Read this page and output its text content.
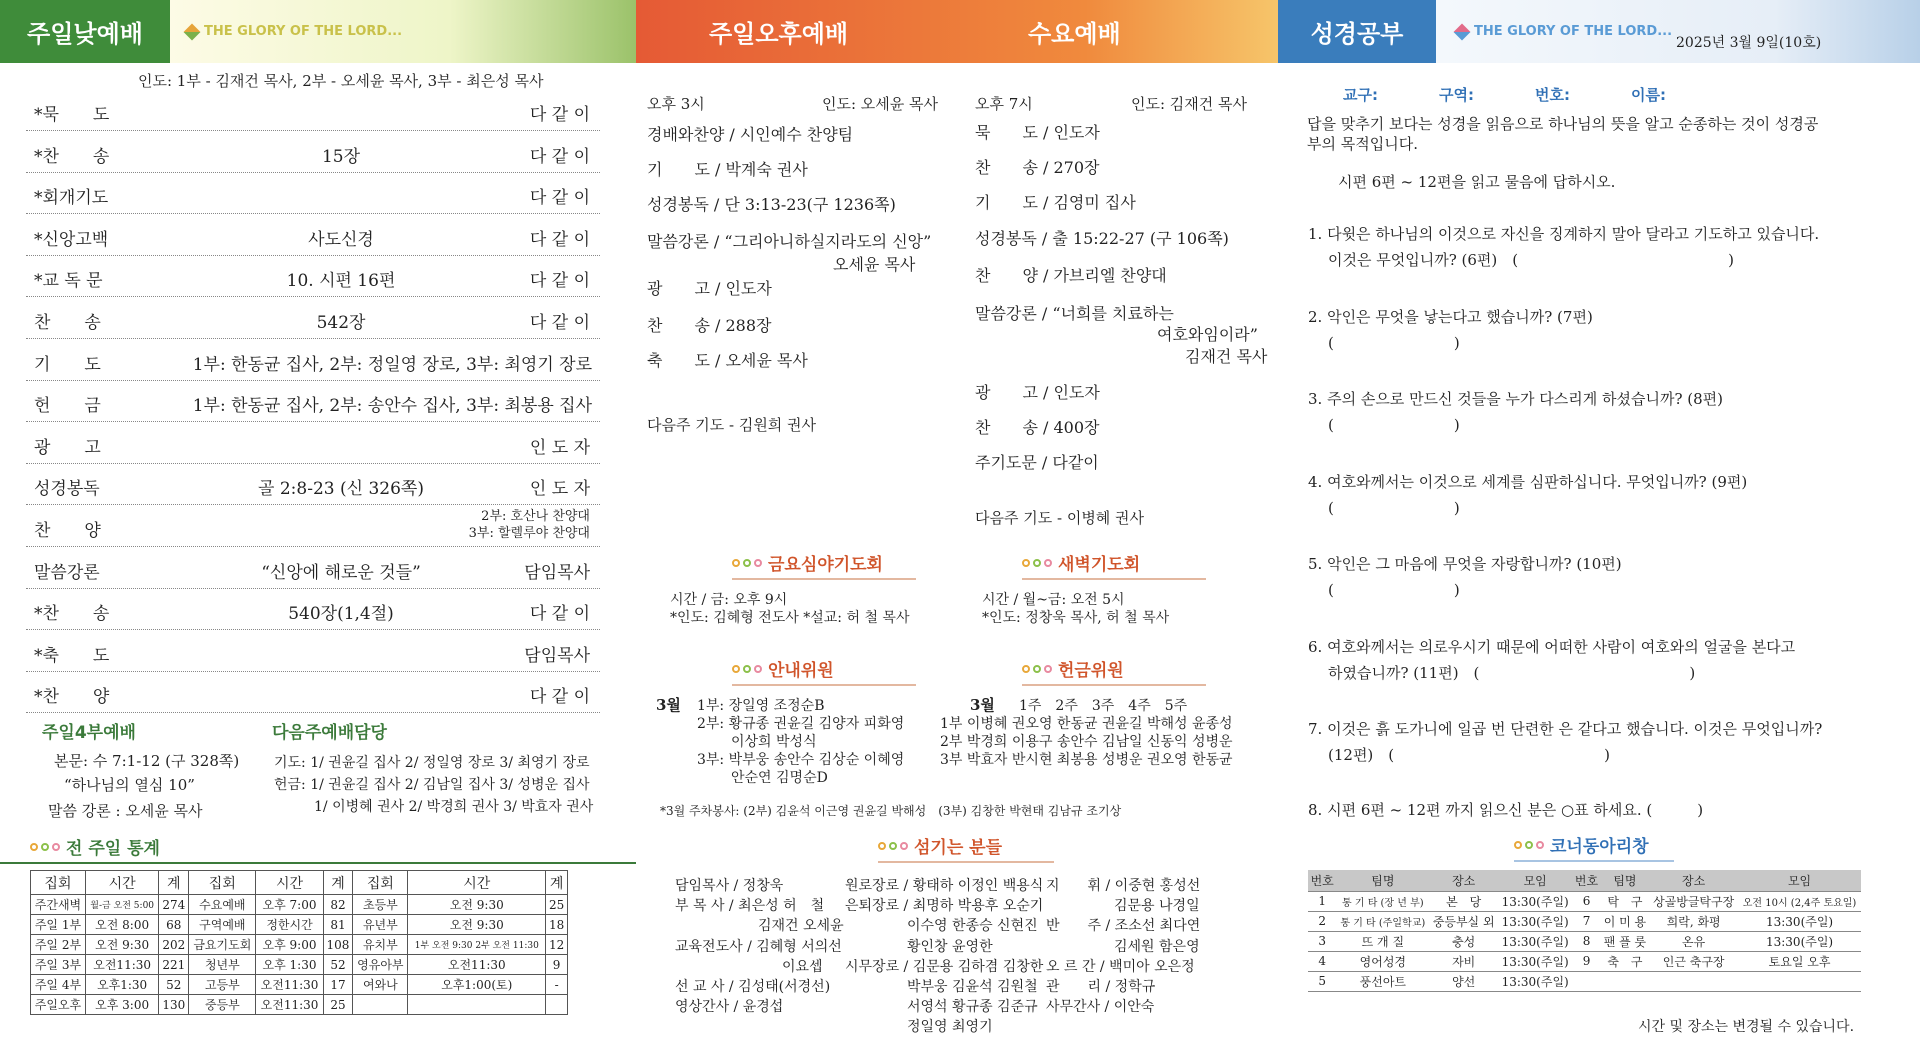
주일낮예배	THE GLORY OF THE LORD...	주일오후예배	수요예배	성경공부	THE GLORY OF THE LORD...
2025년 3월 9일(10호)
인도: 1부 - 김재건 목사, 2부 - 오세윤 목사, 3부 - 최은성 목사
*묵　　도	다 같 이
*찬　　송	15장	다 같 이
*회개기도	다 같 이
*신앙고백	사도신경	다 같 이
*교 독 문	10. 시편 16편	다 같 이
찬　　송	542장	다 같 이
기　　도	1부: 한동균 집사, 2부: 정일영 장로, 3부: 최영기 장로
헌　　금	1부: 한동균 집사, 2부: 송안수 집사, 3부: 최봉용 집사
광　　고	인 도 자
성경봉독	골 2:8-23 (신 326쪽)	인 도 자
찬　　양
2부: 호산나 찬양대
3부: 할렐루야 찬양대
말씀강론	“신앙에 해로운 것들”	담임목사
*찬　　송	540장(1,4절)	다 같 이
*축　　도	담임목사
*찬　　양	다 같 이
주일4부예배
본문: 수 7:1-12 (구 328쪽)
“하나님의 열심 10”
말씀 강론 : 오세윤 목사
다음주예배담당
기도: 1/ 권윤길 집사 2/ 정일영 장로 3/ 최영기 장로
헌금: 1/ 권윤길 집사 2/ 김남일 집사 3/ 성병운 집사
1/ 이병혜 권사 2/ 박경희 권사 3/ 박효자 권사
전 주일 통계
집회	시간	계	집회	시간	계	집회	시간	계
주간새벽	월-금 오전 5:00	274	수요예배	오후 7:00	82	초등부	오전 9:30	25
주일 1부	오전 8:00	68	구역예배	정한시간	81	유년부	오전 9:30	18
주일 2부	오전 9:30	202	금요기도회	오후 9:00	108	유치부	1부 오전 9:30 2부 오전 11:30	12
주일 3부	오전11:30	221	청년부	오후 1:30	52	영유아부	오전11:30	9
주일 4부	오후1:30	52	고등부	오전11:30	17	여와나	오후1:00(토)	-
주일오후	오후 3:00	130	중등부	오전11:30	25			
오후 3시	인도: 오세윤 목사
경배와찬양 / 시인예수 찬양팀
기　　도 / 박계숙 권사
성경봉독 / 단 3:13-23(구 1236쪽)
말씀강론 / “그리아니하실지라도의 신앙”
오세윤 목사
광　　고 / 인도자
찬　　송 / 288장
축　　도 / 오세윤 목사
다음주 기도 - 김원희 권사
오후 7시	인도: 김재건 목사
묵　　도 / 인도자
찬　　송 / 270장
기　　도 / 김영미 집사
성경봉독 / 출 15:22-27 (구 106쪽)
찬　　양 / 가브리엘 찬양대
말씀강론 / “너희를 치료하는
여호와임이라”
김재건 목사
광　　고 / 인도자
찬　　송 / 400장
주기도문 / 다같이
다음주 기도 - 이병혜 권사
금요심야기도회
시간 / 금: 오후 9시
*인도: 김혜형 전도사 *설교: 허 철 목사
새벽기도회
시간 / 월~금: 오전 5시
*인도: 정창욱 목사, 허 철 목사
안내위원
3월 1부: 장일영 조정순B
2부: 황규종 권윤길 김양자 피화영
이상희 박성식
3부: 박부웅 송안수 김상순 이혜영
안순연 김명순D
헌금위원
3월 1주　2주　3주　4주　5주
1부 이병혜 권오영 한동균 권윤길 박해성 윤종성
2부 박경희 이용구 송안수 김남일 신동익 성병운
3부 박효자 반시현 최봉용 성병운 권오영 한동균
*3월 주차봉사: (2부) 김윤석 이근영 권윤길 박해성　(3부) 김창한 박현태 김남규 조기상
섬기는 분들
담임목사 / 정창욱
부 목 사 / 최은성 허　철
김재건 오세윤
교육전도사 / 김혜형 서의선
이요셉
선 교 사 / 김성태(서경선)
영상간사 / 윤경섭
원로장로 / 황태하 이정인 백용식
은퇴장로 / 최명하 박용후 오순기
이수영 한종승 신현진
황인창 윤영한
시무장로 / 김문용 김하겸 김창한
박부웅 김윤석 김원철
서영석 황규종 김준규
정일영 최영기
지　　휘 / 이중현 홍성선
김문용 나경일
반　　주 / 조소선 최다연
김세원 함은영
오 르 간 / 백미아 오은정
관　　리 / 정학규
사무간사 / 이안숙
교구:	구역:	번호:	이름:
답을 맞추기 보다는 성경을 읽음으로 하나님의 뜻을 알고 순종하는 것이 성경공부의 목적입니다.
시편 6편 ~ 12편을 읽고 물음에 답하시오.
1. 다윗은 하나님의 이것으로 자신을 징계하지 말아 달라고 기도하고 있습니다.
이것은 무엇입니까? (6편)　(　　　　　　　　　　　　　　)
2. 악인은 무엇을 낳는다고 했습니까? (7편)
(　　　　　　　　)
3. 주의 손으로 만드신 것들을 누가 다스리게 하셨습니까? (8편)
(　　　　　　　　)
4. 여호와께서는 이것으로 세계를 심판하십니다. 무엇입니까? (9편)
(　　　　　　　　)
5. 악인은 그 마음에 무엇을 자랑합니까? (10편)
(　　　　　　　　)
6. 여호와께서는 의로우시기 때문에 어떠한 사람이 여호와의 얼굴을 본다고
하였습니까? (11편)　(　　　　　　　　　　　　　　)
7. 이것은 흙 도가니에 일곱 번 단련한 은 같다고 했습니다. 이것은 무엇입니까?
(12편)　(　　　　　　　　　　　　　　)
8. 시편 6편 ~ 12편 까지 읽으신 분은 ○표 하세요. (　　　)
코너동아리창
번호	팀명	장소	모임	번호	팀명	장소	모임
1	통 기 타 (장 년 부)	본　당	13:30(주일)	6	탁　구	상골방글탁구장	오전 10시 (2,4주 토요일)
2	통 기 타 (주일학교)	중등부실 외	13:30(주일)	7	이 미 용	희락, 화평	13:30(주일)
3	뜨 개 질	충성	13:30(주일)	8	팬 플 룻	온유	13:30(주일)
4	영어성경	자비	13:30(주일)	9	축　구	인근 축구장	토요일 오후
5	풍선아트	양선	13:30(주일)				
시간 및 장소는 변경될 수 있습니다.
